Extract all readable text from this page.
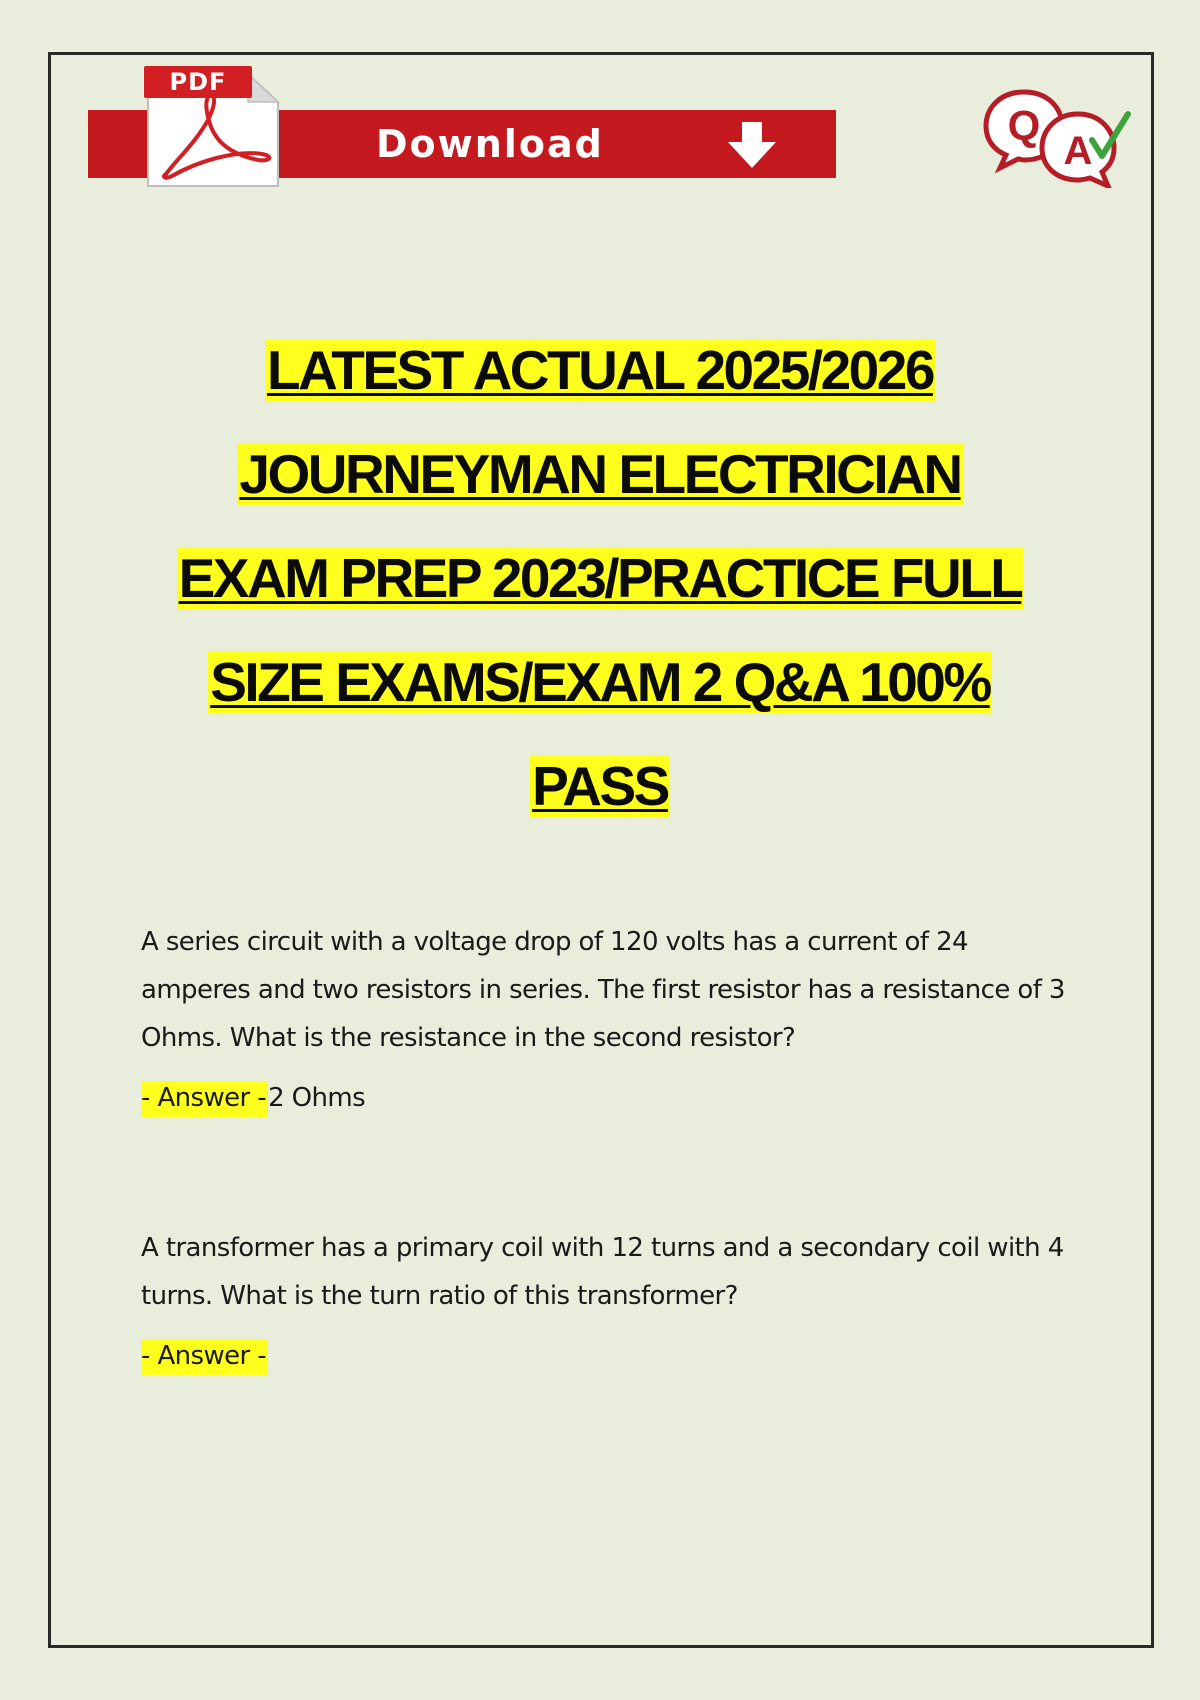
PDF
Download	Q
A
LATEST ACTUAL 2025/2026
JOURNEYMAN ELECTRICIAN
EXAM PREP 2023/PRACTICE FULL
SIZE EXAMS/EXAM 2 Q&A 100%
PASS

A series circuit with a voltage drop of 120 volts has a current of 24 amperes and two resistors in series. The first resistor has a resistance of 3 Ohms. What is the resistance in the second resistor?

- Answer -2 Ohms

A transformer has a primary coil with 12 turns and a secondary coil with 4 turns. What is the turn ratio of this transformer?

- Answer -
